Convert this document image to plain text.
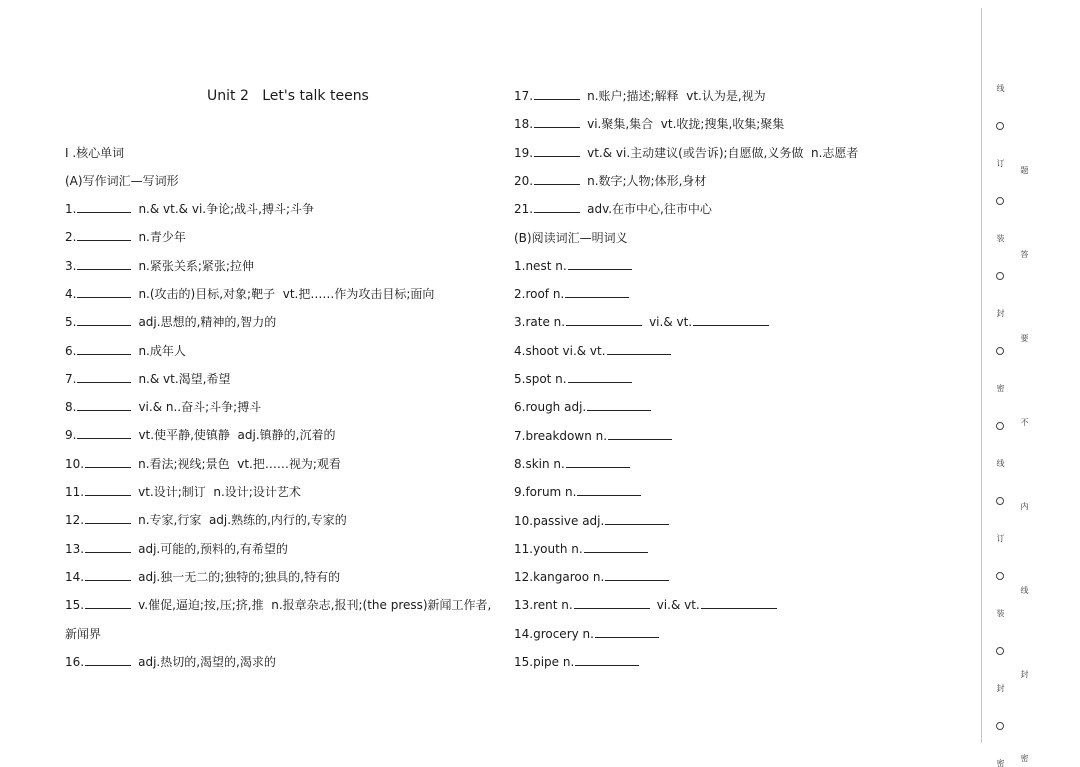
Unit 2   Let's talk teens
Ⅰ .核心单词
(A)写作词汇—写词形
1.	n.& vt.& vi.争论;战斗,搏斗;斗争
2.	n.青少年
3.	n.紧张关系;紧张;拉伸
4.	n.(攻击的)目标,对象;靶子  vt.把……作为攻击目标;面向
5.	adj.思想的,精神的,智力的
6.	n.成年人
7.	n.& vt.渴望,希望
8.	vi.& n..奋斗;斗争;搏斗
9.	vt.使平静,使镇静  adj.镇静的,沉着的
10.	n.看法;视线;景色  vt.把……视为;观看
11.	vt.设计;制订  n.设计;设计艺术
12.	n.专家,行家  adj.熟练的,内行的,专家的
13.	adj.可能的,预料的,有希望的
14.	adj.独一无二的;独特的;独具的,特有的
15.	v.催促,逼迫;按,压;挤,推  n.报章杂志,报刊;(the press)新闻工作者,
新闻界
16.	adj.热切的,渴望的,渴求的
17.	n.账户;描述;解释  vt.认为是,视为
18.	vi.聚集,集合  vt.收拢;搜集,收集;聚集
19.	vt.& vi.主动建议(或告诉);自愿做,义务做  n.志愿者
20.	n.数字;人物;体形,身材
21.	adv.在市中心,往市中心
(B)阅读词汇—明词义
1.nest n.
2.roof n.
3.rate n.	vi.& vt.
4.shoot vi.& vt.
5.spot n.
6.rough adj.
7.breakdown n.
8.skin n.
9.forum n.
10.passive adj.
11.youth n.
12.kangaroo n.
13.rent n.	vi.& vt.
14.grocery n.
15.pipe n.
线
订
装
封
密
线
订
装
封
密
题
答
要
不
内
线
封
密
